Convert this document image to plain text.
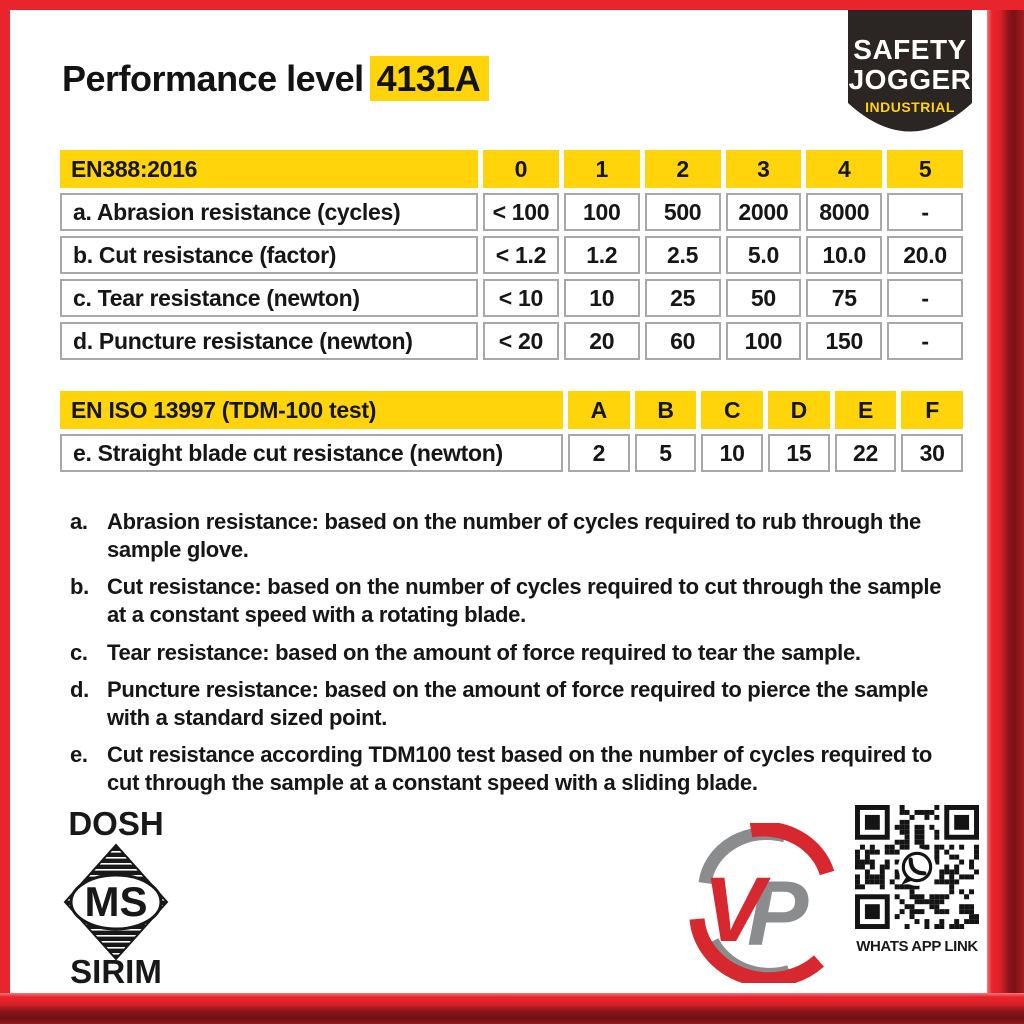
Performance level 4131A
SAFETY
JOGGER
INDUSTRIAL
EN388:2016	0	1	2	3	4	5
a. Abrasion resistance (cycles)	< 100	100	500	2000	8000	-
b. Cut resistance (factor)	< 1.2	1.2	2.5	5.0	10.0	20.0
c. Tear resistance (newton)	< 10	10	25	50	75	-
d. Puncture resistance (newton)	< 20	20	60	100	150	-
EN ISO 13997 (TDM-100 test)	A	B	C	D	E	F
e. Straight blade cut resistance (newton)	2	5	10	15	22	30
a. Abrasion resistance: based on the number of cycles required to rub through the sample glove.
b. Cut resistance: based on the number of cycles required to cut through the sample at a constant speed with a rotating blade.
c. Tear resistance: based on the amount of force required to tear the sample.
d. Puncture resistance: based on the amount of force required to pierce the sample with a standard sized point.
e. Cut resistance according TDM100 test based on the number of cycles required to cut through the sample at a constant speed with a sliding blade.
DOSH
MS
SIRIM
P
V	WHATS APP LINK
